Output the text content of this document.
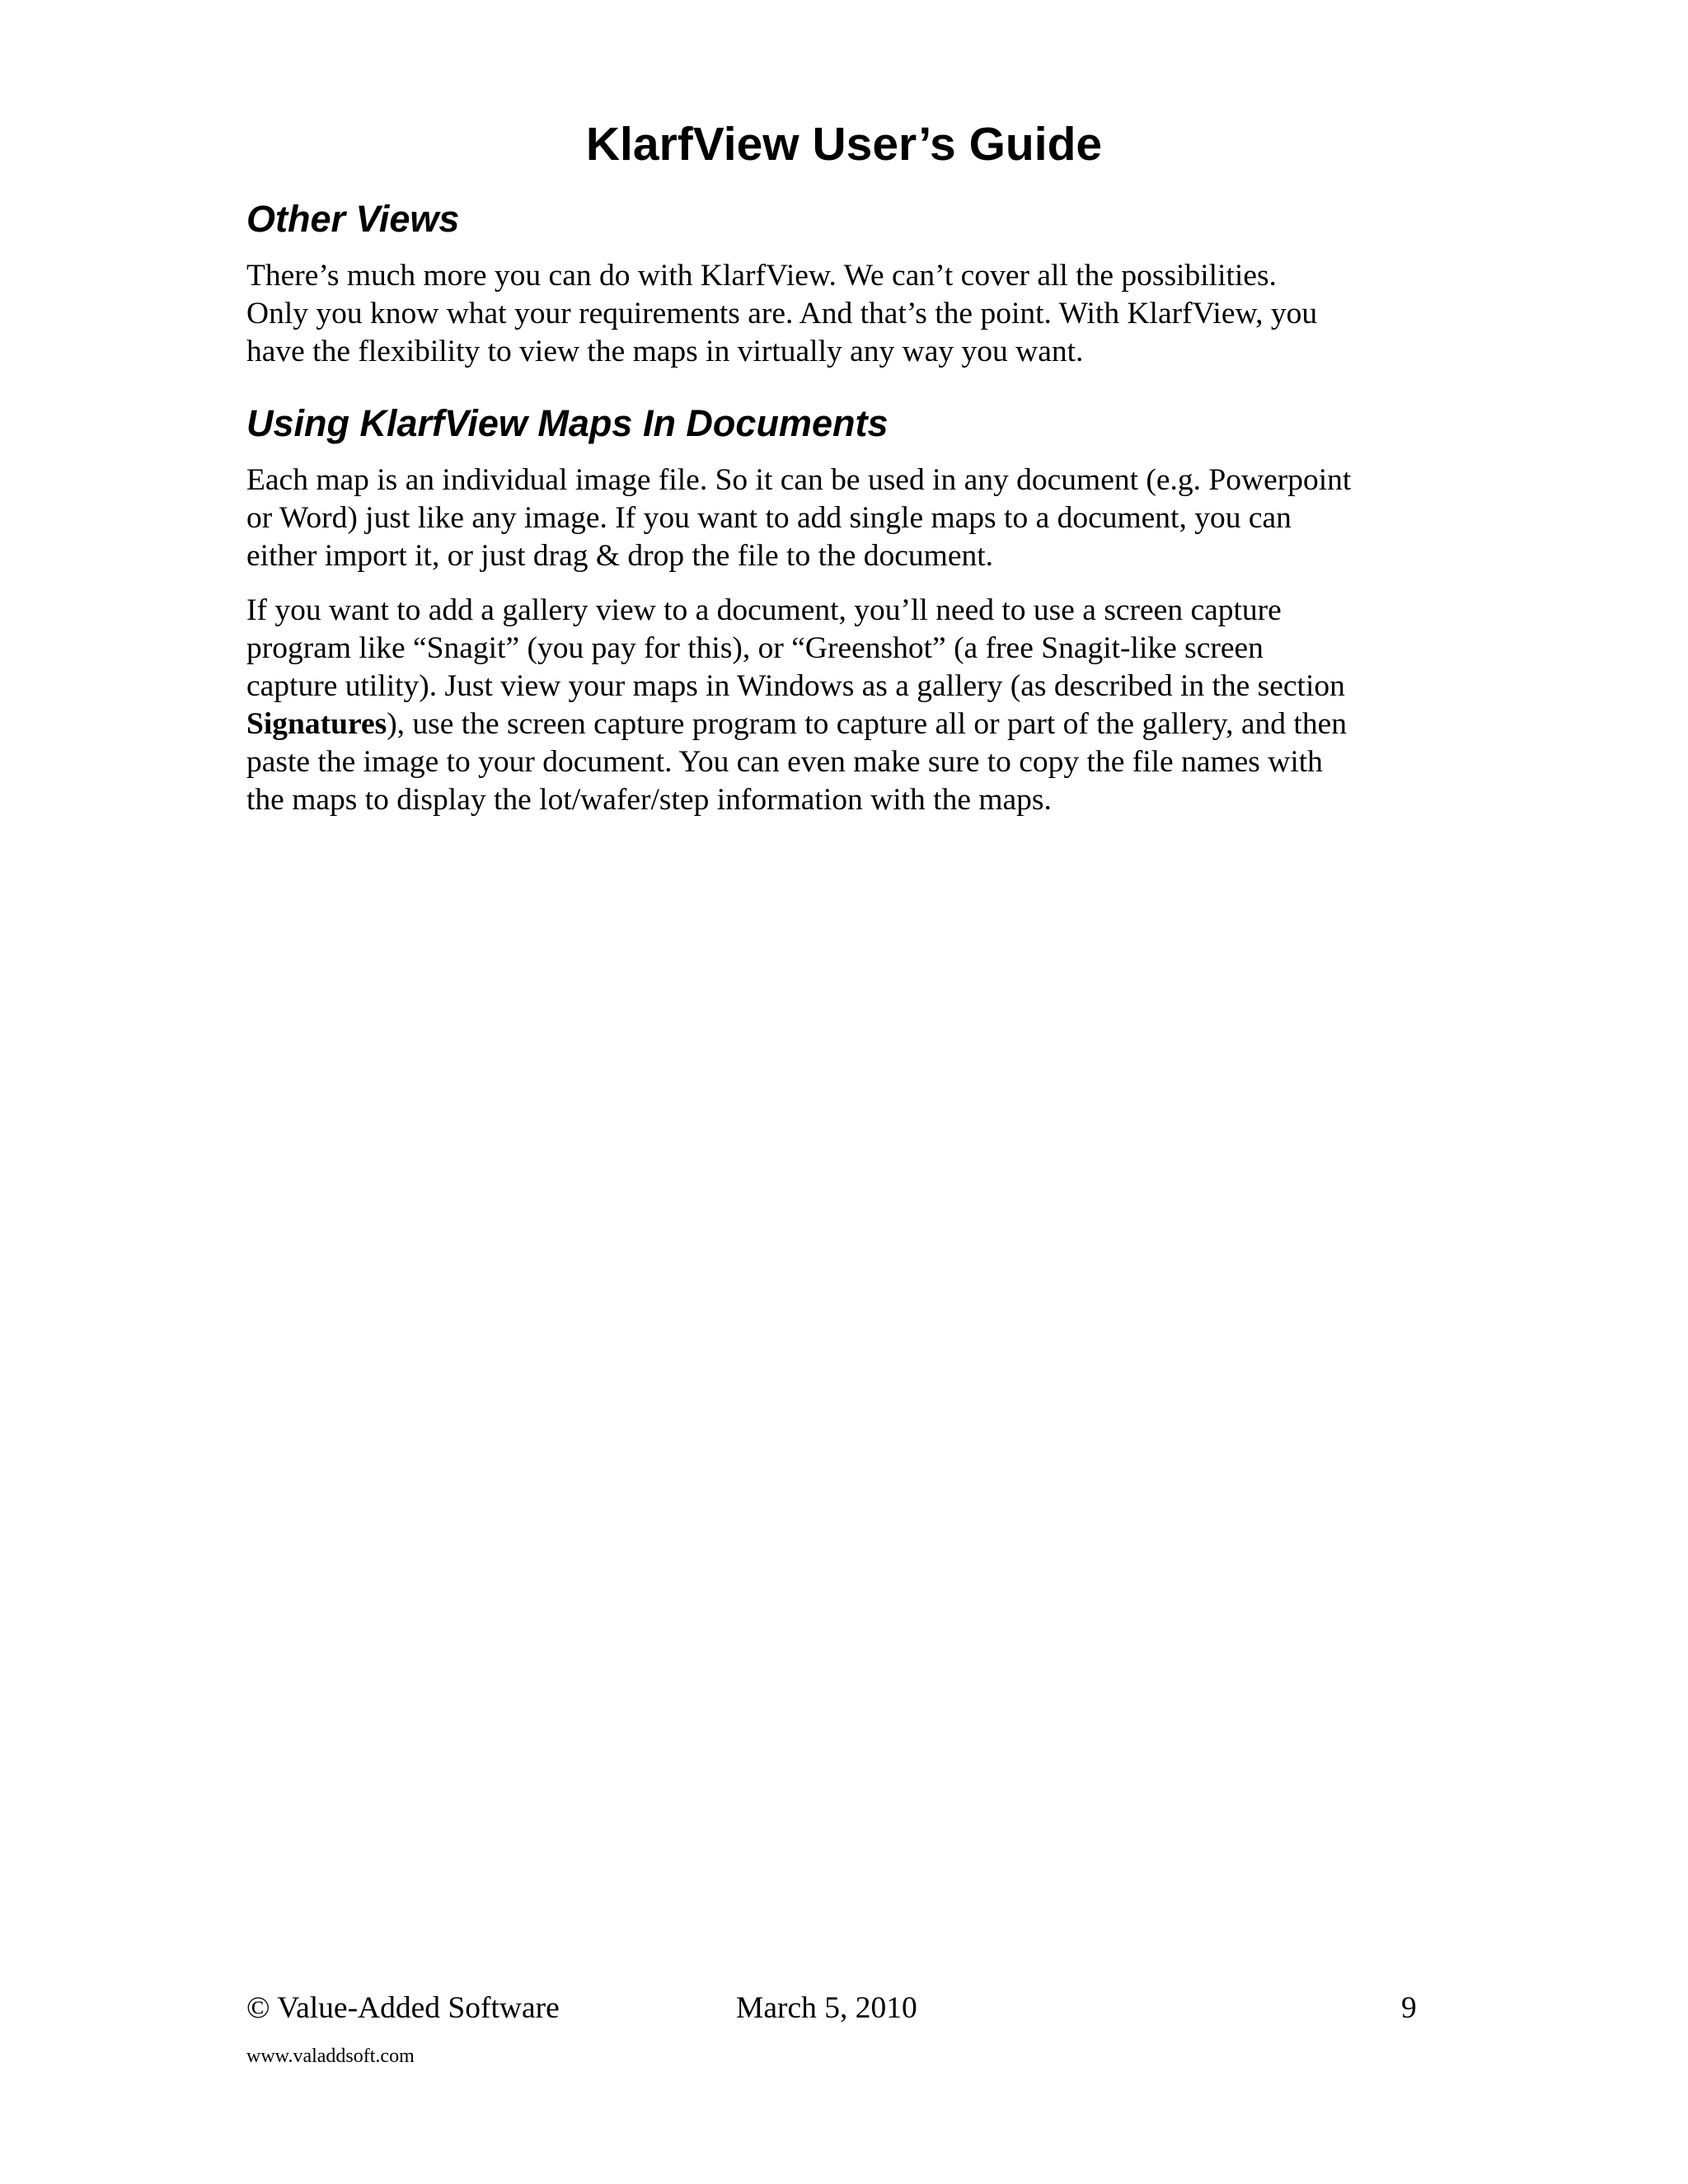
KlarfView User’s Guide
Other Views

There’s much more you can do with KlarfView. We can’t cover all the possibilities.
Only you know what your requirements are. And that’s the point. With KlarfView, you
have the flexibility to view the maps in virtually any way you want.

Using KlarfView Maps In Documents

Each map is an individual image file. So it can be used in any document (e.g. Powerpoint
or Word) just like any image. If you want to add single maps to a document, you can
either import it, or just drag & drop the file to the document.

If you want to add a gallery view to a document, you’ll need to use a screen capture
program like “Snagit” (you pay for this), or “Greenshot” (a free Snagit-like screen
capture utility). Just view your maps in Windows as a gallery (as described in the section
Signatures), use the screen capture program to capture all or part of the gallery, and then
paste the image to your document. You can even make sure to copy the file names with
the maps to display the lot/wafer/step information with the maps.

© Value-Added Software	March 5, 2010	9
www.valaddsoft.com
